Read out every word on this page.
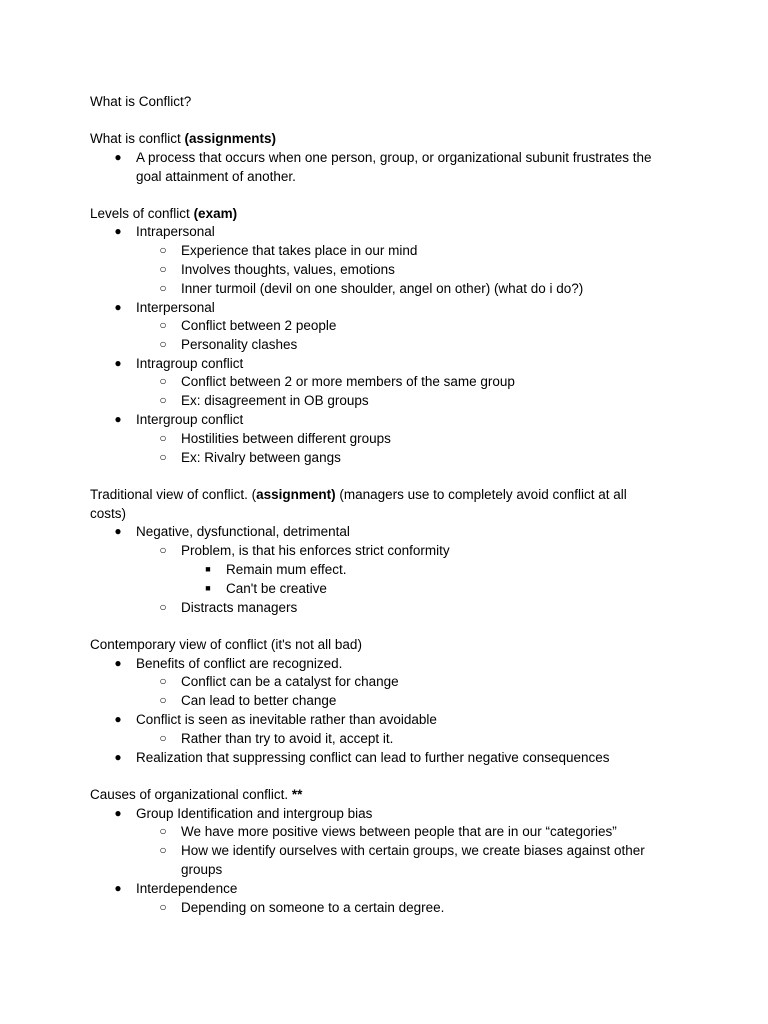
What is Conflict?
What is conflict (assignments)
● A process that occurs when one person, group, or organizational subunit frustrates the
goal attainment of another.
Levels of conflict (exam)
● Intrapersonal
○ Experience that takes place in our mind
○ Involves thoughts, values, emotions
○ Inner turmoil (devil on one shoulder, angel on other) (what do i do?)
● Interpersonal
○ Conflict between 2 people
○ Personality clashes
● Intragroup conflict
○ Conflict between 2 or more members of the same group
○ Ex: disagreement in OB groups
● Intergroup conflict
○ Hostilities between different groups
○ Ex: Rivalry between gangs
Traditional view of conflict. (assignment) (managers use to completely avoid conflict at all
costs)
● Negative, dysfunctional, detrimental
○ Problem, is that his enforces strict conformity
■ Remain mum effect.
■ Can't be creative
○ Distracts managers
Contemporary view of conflict (it's not all bad)
● Benefits of conflict are recognized.
○ Conflict can be a catalyst for change
○ Can lead to better change
● Conflict is seen as inevitable rather than avoidable
○ Rather than try to avoid it, accept it.
● Realization that suppressing conflict can lead to further negative consequences
Causes of organizational conflict. **
● Group Identification and intergroup bias
○ We have more positive views between people that are in our “categories”
○ How we identify ourselves with certain groups, we create biases against other
groups
● Interdependence
○ Depending on someone to a certain degree.
